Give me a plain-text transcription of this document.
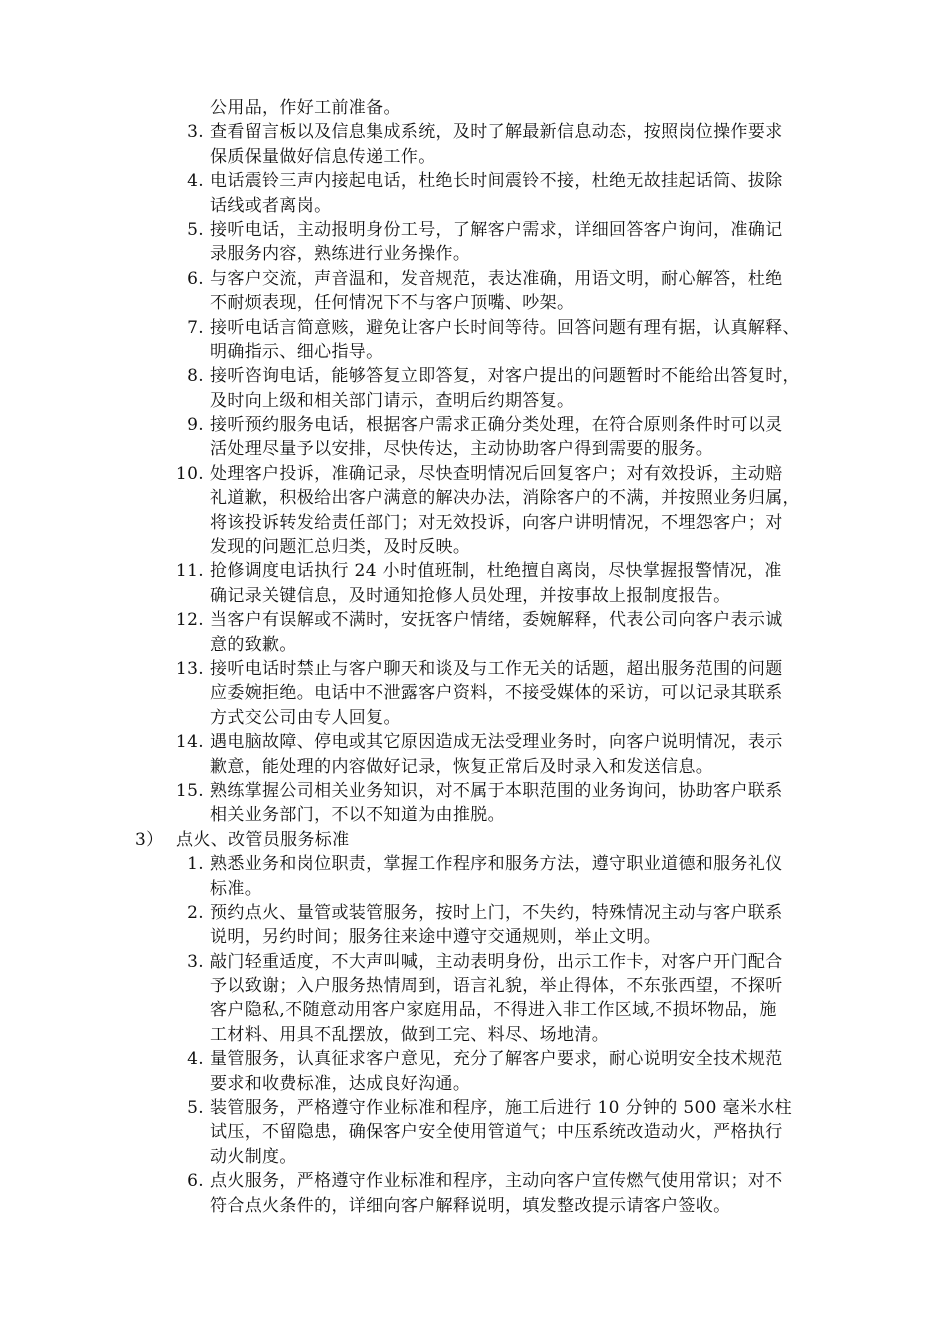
公用品，作好工前准备。
3. 查看留言板以及信息集成系统，及时了解最新信息动态，按照岗位操作要求
保质保量做好信息传递工作。
4. 电话震铃三声内接起电话，杜绝长时间震铃不接，杜绝无故挂起话筒、拔除
话线或者离岗。
5. 接听电话，主动报明身份工号，了解客户需求，详细回答客户询问，准确记
录服务内容，熟练进行业务操作。
6. 与客户交流，声音温和，发音规范，表达准确，用语文明，耐心解答，杜绝
不耐烦表现，任何情况下不与客户顶嘴、吵架。
7. 接听电话言简意赅，避免让客户长时间等待。回答问题有理有据，认真解释、
明确指示、细心指导。
8. 接听咨询电话，能够答复立即答复，对客户提出的问题暂时不能给出答复时，
及时向上级和相关部门请示，查明后约期答复。
9. 接听预约服务电话，根据客户需求正确分类处理，在符合原则条件时可以灵
活处理尽量予以安排，尽快传达，主动协助客户得到需要的服务。
10. 处理客户投诉，准确记录，尽快查明情况后回复客户；对有效投诉，主动赔
礼道歉，积极给出客户满意的解决办法，消除客户的不满，并按照业务归属，
将该投诉转发给责任部门；对无效投诉，向客户讲明情况，不埋怨客户；对
发现的问题汇总归类，及时反映。
11. 抢修调度电话执行 24 小时值班制，杜绝擅自离岗，尽快掌握报警情况，准
确记录关键信息，及时通知抢修人员处理，并按事故上报制度报告。
12. 当客户有误解或不满时，安抚客户情绪，委婉解释，代表公司向客户表示诚
意的致歉。
13. 接听电话时禁止与客户聊天和谈及与工作无关的话题，超出服务范围的问题
应委婉拒绝。电话中不泄露客户资料，不接受媒体的采访，可以记录其联系
方式交公司由专人回复。
14. 遇电脑故障、停电或其它原因造成无法受理业务时，向客户说明情况，表示
歉意，能处理的内容做好记录，恢复正常后及时录入和发送信息。
15. 熟练掌握公司相关业务知识，对不属于本职范围的业务询问，协助客户联系
相关业务部门，不以不知道为由推脱。
3） 点火、改管员服务标准
1. 熟悉业务和岗位职责，掌握工作程序和服务方法，遵守职业道德和服务礼仪
标准。
2. 预约点火、量管或装管服务，按时上门，不失约，特殊情况主动与客户联系
说明，另约时间；服务往来途中遵守交通规则，举止文明。
3. 敲门轻重适度，不大声叫喊，主动表明身份，出示工作卡，对客户开门配合
予以致谢；入户服务热情周到，语言礼貌，举止得体，不东张西望，不探听
客户隐私,不随意动用客户家庭用品，不得进入非工作区域,不损坏物品，施
工材料、用具不乱摆放，做到工完、料尽、场地清。
4. 量管服务，认真征求客户意见，充分了解客户要求，耐心说明安全技术规范
要求和收费标准，达成良好沟通。
5. 装管服务，严格遵守作业标准和程序，施工后进行 10 分钟的 500 毫米水柱
试压，不留隐患，确保客户安全使用管道气；中压系统改造动火，严格执行
动火制度。
6. 点火服务，严格遵守作业标准和程序，主动向客户宣传燃气使用常识；对不
符合点火条件的，详细向客户解释说明，填发整改提示请客户签收。
